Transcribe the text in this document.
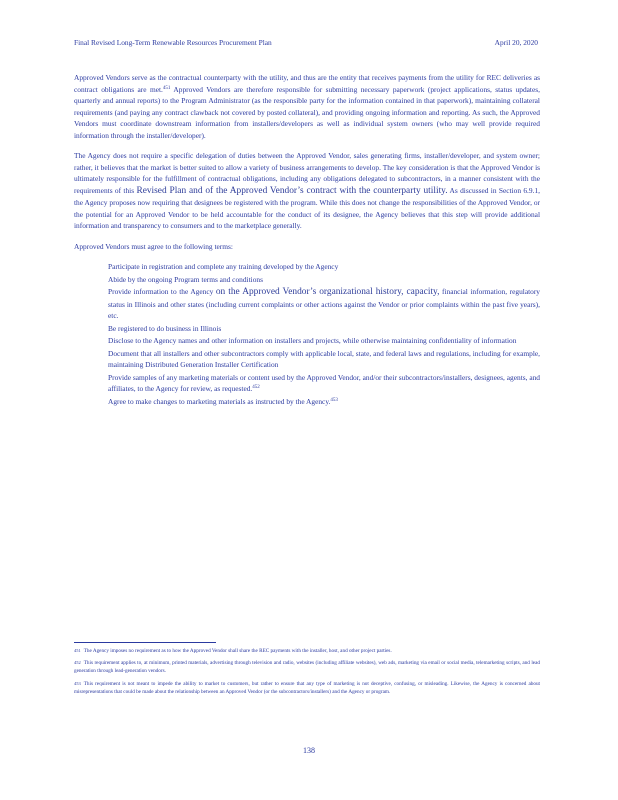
Final Revised Long-Term Renewable Resources Procurement Plan	April 20, 2020

Approved Vendors serve as the contractual counterparty with the utility, and thus are the entity that receives payments from the utility for REC deliveries as contract obligations are met.$^{451}$ Approved Vendors are therefore responsible for submitting necessary paperwork (project applications, status updates, quarterly and annual reports) to the Program Administrator (as the responsible party for the information contained in that paperwork), maintaining collateral requirements (and paying any contract clawback not covered by posted collateral), and providing ongoing information and reporting. As such, the Approved Vendors must coordinate downstream information from installers/developers as well as individual system owners (who may well provide required information through the installer/developer).

The Agency does not require a specific delegation of duties between the Approved Vendor, sales generating firms, installer/developer, and system owner; rather, it believes that the market is better suited to allow a variety of business arrangements to develop. The key consideration is that the Approved Vendor is ultimately responsible for the fulfillment of contractual obligations, including any obligations delegated to subcontractors, in a manner consistent with the requirements of this Revised Plan and of the Approved Vendor’s contract with the counterparty utility. As discussed in Section 6.9.1, the Agency proposes now requiring that designees be registered with the program. While this does not change the responsibilities of the Approved Vendor, or the potential for an Approved Vendor to be held accountable for the conduct of its designee, the Agency believes that this step will provide additional information and transparency to consumers and to the marketplace generally.

Approved Vendors must agree to the following terms:

Participate in registration and complete any training developed by the Agency
Abide by the ongoing Program terms and conditions
Provide information to the Agency on the Approved Vendor’s organizational history, capacity, financial information, regulatory status in Illinois and other states (including current complaints or other actions against the Vendor or prior complaints within the past five years), etc.
Be registered to do business in Illinois
Disclose to the Agency names and other information on installers and projects, while otherwise maintaining confidentiality of information
Document that all installers and other subcontractors comply with applicable local, state, and federal laws and regulations, including for example, maintaining Distributed Generation Installer Certification
Provide samples of any marketing materials or content used by the Approved Vendor, and/or their subcontractors/installers, designees, agents, and affiliates, to the Agency for review, as requested.$^{452}$
Agree to make changes to marketing materials as instructed by the Agency.$^{453}$

451 The Agency imposes no requirement as to how the Approved Vendor shall share the REC payments with the installer, host, and other project parties.

452 This requirement applies to, at minimum, printed materials, advertising through television and radio, websites (including affiliate websites), web ads, marketing via email or social media, telemarketing scripts, and lead generation through lead-generation vendors.

453 This requirement is not meant to impede the ability to market to customers, but rather to ensure that any type of marketing is not deceptive, confusing, or misleading. Likewise, the Agency is concerned about misrepresentations that could be made about the relationship between an Approved Vendor (or the subcontractors/installers) and the Agency or program.

138
